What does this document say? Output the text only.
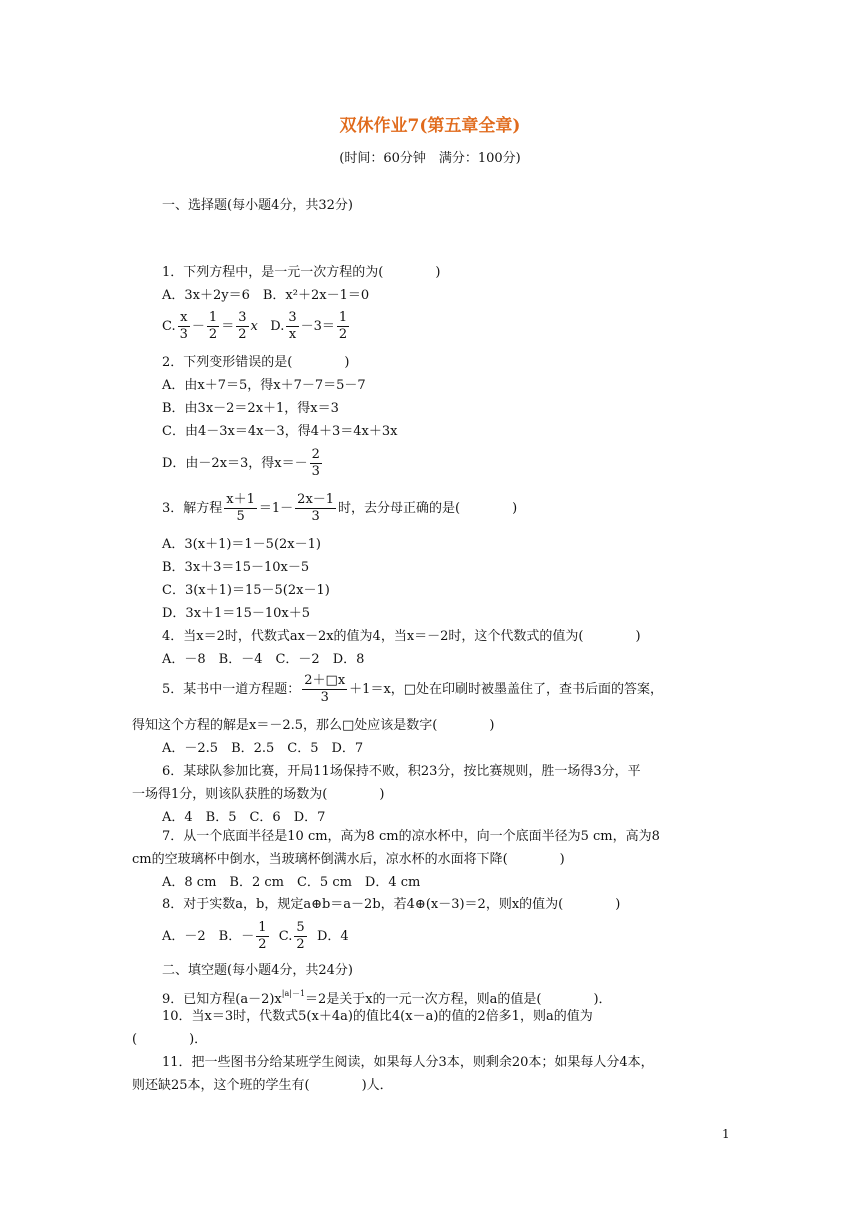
双休作业7(第五章全章)
(时间：60分钟　满分：100分)
一、选择题(每小题4分，共32分)
1．下列方程中，是一元一次方程的为(　　　　)
A．3x＋2y＝6　B．x²＋2x－1＝0
C. $\frac{x}{3} - \frac{1}{2} = \frac{3}{2}$ x D. $\frac{3}{x} -3= \frac{1}{2}$
2．下列变形错误的是(　　　　)
A．由x＋7＝5，得x＋7－7＝5－7
B．由3x－2＝2x＋1，得x＝3
C．由4－3x＝4x－3，得4＋3＝4x＋3x
D．由－2x＝3，得$x=- \frac{2}{3}$
3．解方程 $\frac{x+1}{5} =1- \frac{2x-1}{3}$ 时，去分母正确的是(　　　　)
A．3(x＋1)＝1－5(2x－1)
B．3x＋3＝15－10x－5
C．3(x＋1)＝15－5(2x－1)
D．3x＋1＝15－10x＋5
4．当x＝2时，代数式ax－2x的值为4，当x＝－2时，这个代数式的值为(　　　　)
A．－8　B．－4　C．－2　D．8
5．某书中一道方程题： $\frac{2+□x}{3} +1=x$，□处在印刷时被墨盖住了，查书后面的答案，
得知这个方程的解是x＝－2.5，那么□处应该是数字(　　　　)
A．－2.5　B．2.5　C．5　D．7
6．某球队参加比赛，开局11场保持不败，积23分，按比赛规则，胜一场得3分，平
一场得1分，则该队获胜的场数为(　　　　)
A．4　B．5　C．6　D．7
7．从一个底面半径是10 cm，高为8 cm的凉水杯中，向一个底面半径为5 cm，高为8
cm的空玻璃杯中倒水，当玻璃杯倒满水后，凉水杯的水面将下降(　　　　)
A．8 cm　B．2 cm　C．5 cm　D．4 cm
8．对于实数a，b，规定a⊕b＝a－2b，若4⊕(x－3)＝2，则x的值为(　　　　)
A．－2　B．－ $\frac{1}{2} C$. $\frac{5}{2}$ D．4
二、填空题(每小题4分，共24分)
9．已知方程$(a-2)x^{|a|-1}=2$是关于x的一元一次方程，则a的值是(　　　　)．
10．当x＝3时，代数式5(x＋4a)的值比4(x－a)的值的2倍多1，则a的值为
(　　　　)．
11．把一些图书分给某班学生阅读，如果每人分3本，则剩余20本；如果每人分4本，
则还缺25本，这个班的学生有(　　　　)人．
1
